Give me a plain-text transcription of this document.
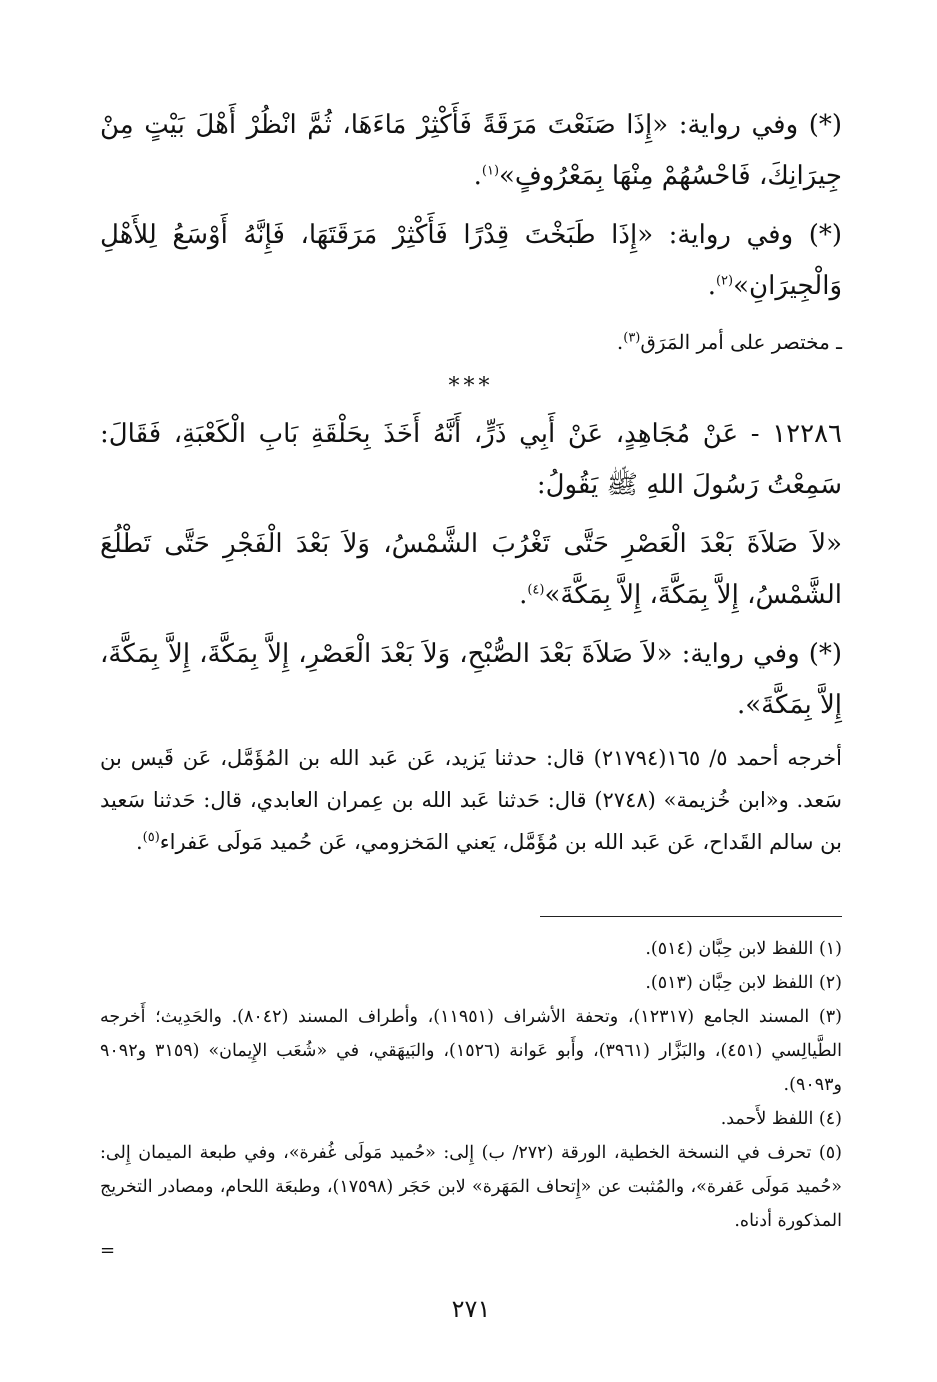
(*) وفي رواية: «إِذَا صَنَعْتَ مَرَقَةً فَأَكْثِرْ مَاءَهَا، ثُمَّ انْظُرْ أَهْلَ بَيْتٍ مِنْ جِيرَانِكَ، فَاحْسُهُمْ مِنْهَا بِمَعْرُوفٍ»$^{(١)}$.

(*) وفي رواية: «إِذَا طَبَخْتَ قِدْرًا فَأَكْثِرْ مَرَقَتَهَا، فَإِنَّهُ أَوْسَعُ لِلأَهْلِ وَالْجِيرَانِ»$^{(٢)}$.

ـ مختصر على أمر المَرَق$^{(٣)}$.

***

١٢٢٨٦ - عَنْ مُجَاهِدٍ، عَنْ أَبِي ذَرٍّ، أَنَّهُ أَخَذَ بِحَلْقَةِ بَابِ الْكَعْبَةِ، فَقَالَ: سَمِعْتُ رَسُولَ اللهِ ﷺ يَقُولُ:

«لاَ صَلاَةَ بَعْدَ الْعَصْرِ حَتَّى تَغْرُبَ الشَّمْسُ، وَلاَ بَعْدَ الْفَجْرِ حَتَّى تَطْلُعَ الشَّمْسُ، إِلاَّ بِمَكَّةَ، إِلاَّ بِمَكَّةَ»$^{(٤)}$.

(*) وفي رواية: «لاَ صَلاَةَ بَعْدَ الصُّبْحِ، وَلاَ بَعْدَ الْعَصْرِ، إِلاَّ بِمَكَّةَ، إِلاَّ بِمَكَّةَ، إِلاَّ بِمَكَّةَ».

أخرجه أحمد ٥/ ١٦٥(٢١٧٩٤) قال: حدثنا يَزيد، عَن عَبد الله بن المُؤَمَّل، عَن قَيس بن سَعد. و«ابن خُزيمة» (٢٧٤٨) قال: حَدثنا عَبد الله بن عِمران العابدي، قال: حَدثنا سَعيد بن سالم القَداح، عَن عَبد الله بن مُؤَمَّل، يَعني المَخزومي، عَن حُميد مَولَى عَفراء$^{(٥)}$.

(١) اللفظ لابن حِبَّان (٥١٤).

(٢) اللفظ لابن حِبَّان (٥١٣).

(٣) المسند الجامع (١٢٣١٧)، وتحفة الأشراف (١١٩٥١)، وأطراف المسند (٨٠٤٢). والحَدِيث؛ أَخرجه الطَّيالِسي (٤٥١)، والبَزَّار (٣٩٦١)، وأَبو عَوانة (١٥٢٦)، والبَيهَقي، في «شُعَب الإِيمان» (٣١٥٩ و٩٠٩٢ و٩٠٩٣).

(٤) اللفظ لأَحمد.

(٥) تحرف في النسخة الخطية، الورقة (٢٧٢/ ب) إِلى: «حُميد مَولَى غُفرة»، وفي طبعة الميمان إِلى: «حُميد مَولَى عَفرة»، والمُثبت عن «إِتحاف المَهَرة» لابن حَجَر (١٧٥٩٨)، وطبعَة اللحام، ومصادر التخريج المذكورة أدناه.

=
٢٧١
